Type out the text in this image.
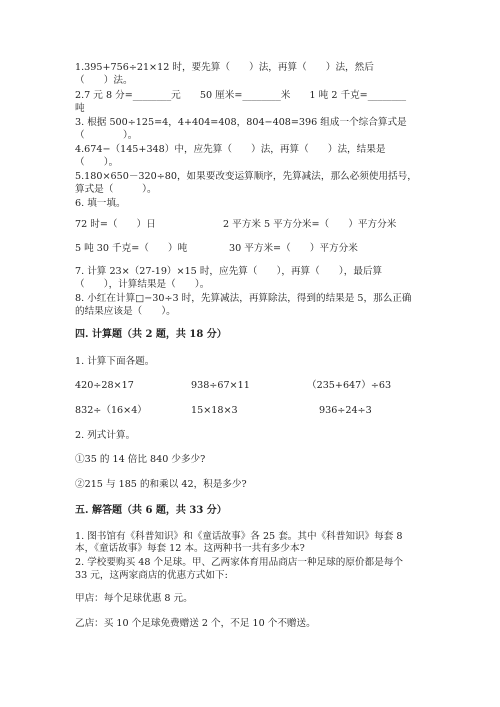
1.395+756÷21×12 时，要先算（　　）法，再算（　　）法，然后
（　　）法。
2.7 元 8 分=________元　　50 厘米=________米　　1 吨 2 千克=________
吨
3. 根据 500÷125=4，4+404=408，804−408=396 组成一个综合算式是
（　　　　）。
4.674−（145+348）中，应先算（　　）法，再算（　　）法，结果是
（　　）。
5.180×650－320÷80，如果要改变运算顺序，先算减法，那么必须使用括号，
算式是（　　　）。
6. 填一填。
72 时=（　　）日	2 平方米 5 平方分米=（　　）平方分米
5 吨 30 千克=（　　）吨	30 平方米=（　　）平方分米
7. 计算 23×（27-19）×15 时，应先算（　　），再算（　　），最后算
（　　），计算结果是（　　）。
8. 小红在计算□−30÷3 时，先算减法，再算除法，得到的结果是 5，那么正确
的结果应该是（　　）。
四. 计算题（共 2 题，共 18 分）
1. 计算下面各题。
420÷28×17	938÷67×11	（235+647）÷63
832÷（16×4）	15×18×3	936÷24÷3
2. 列式计算。
①35 的 14 倍比 840 少多少?
②215 与 185 的和乘以 42，积是多少?
五. 解答题（共 6 题，共 33 分）
1. 图书馆有《科普知识》和《童话故事》各 25 套。其中《科普知识》每套 8
本，《童话故事》每套 12 本。这两种书一共有多少本?
2. 学校要购买 48 个足球。甲、乙两家体育用品商店一种足球的原价都是每个
33 元，这两家商店的优惠方式如下:
甲店：每个足球优惠 8 元。
乙店：买 10 个足球免费赠送 2 个，不足 10 个不赠送。
